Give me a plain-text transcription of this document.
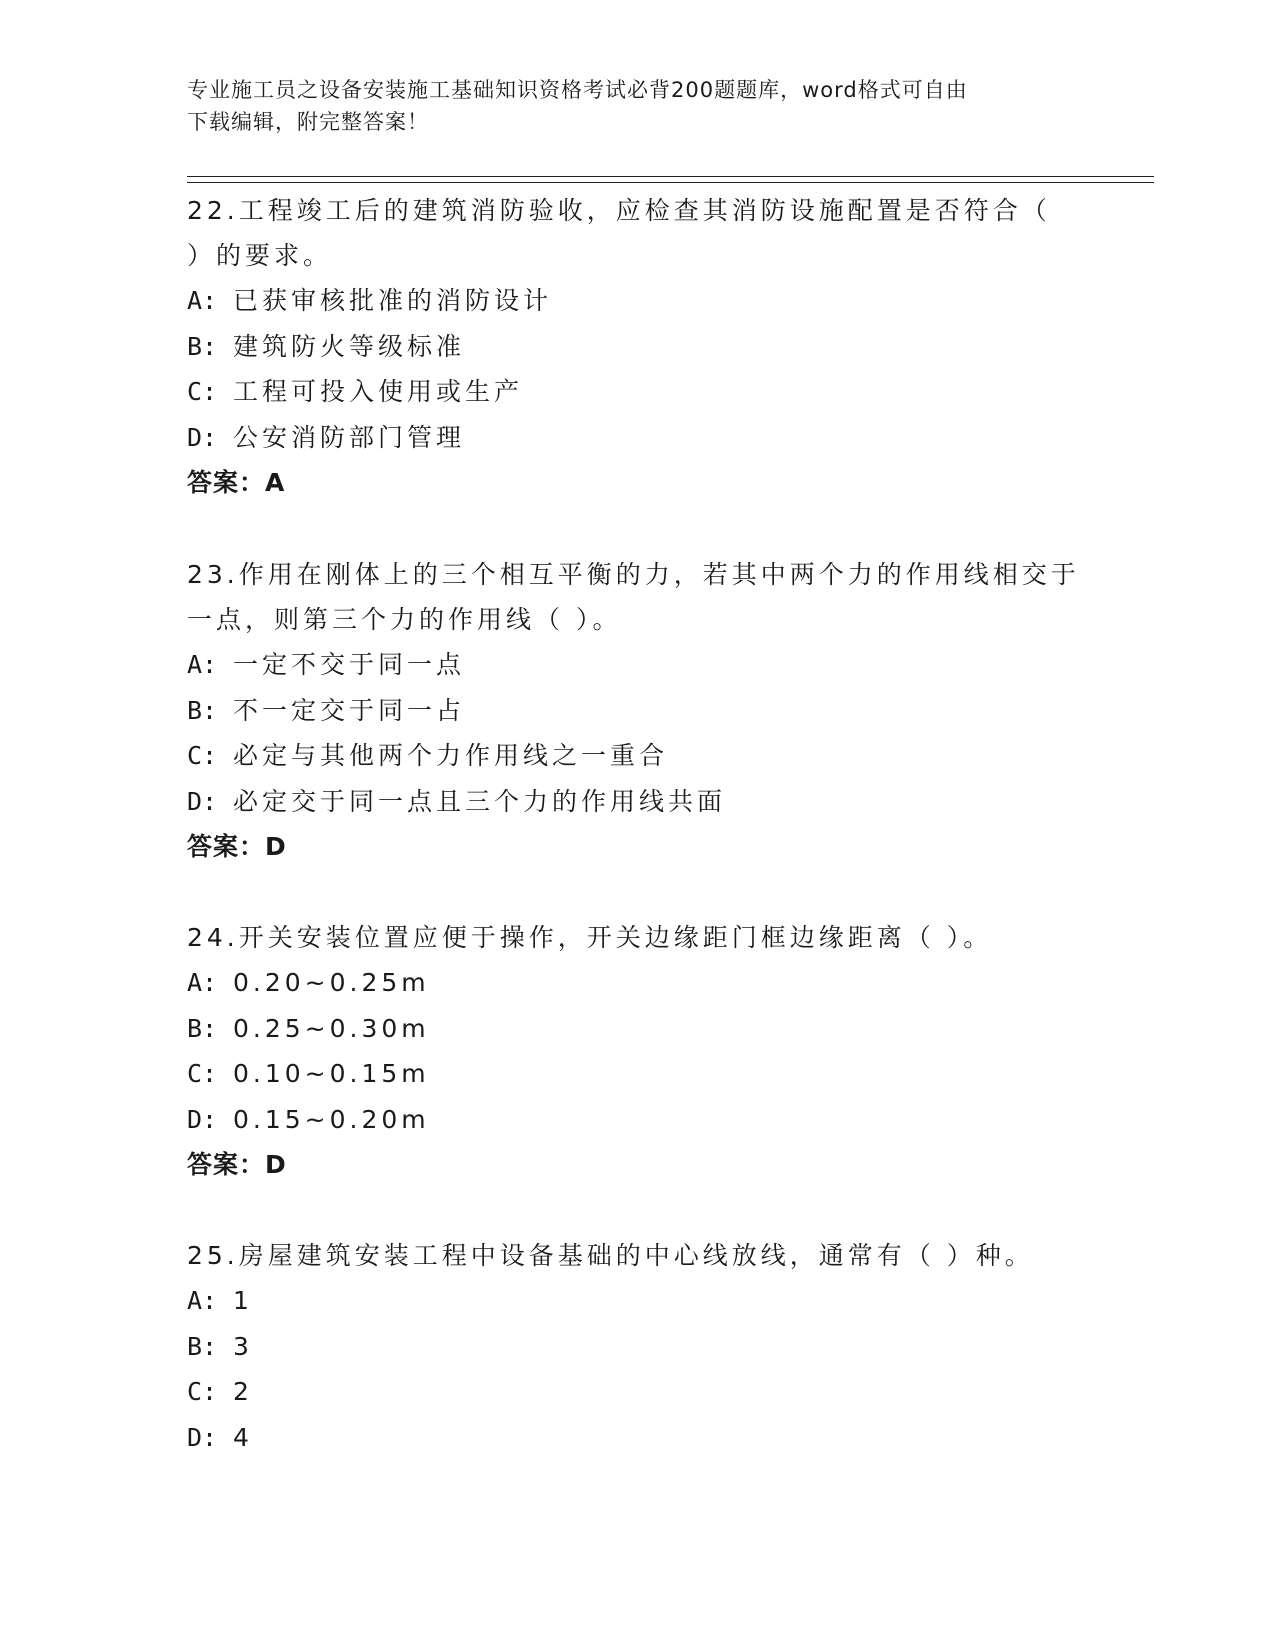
专业施工员之设备安装施工基础知识资格考试必背200题题库，word格式可自由
下载编辑，附完整答案！
22.工程竣工后的建筑消防验收，应检查其消防设施配置是否符合（
）的要求。
A: 已获审核批准的消防设计
B: 建筑防火等级标准
C: 工程可投入使用或生产
D: 公安消防部门管理
答案：A
23.作用在刚体上的三个相互平衡的力，若其中两个力的作用线相交于
一点，则第三个力的作用线（ ）。
A: 一定不交于同一点
B: 不一定交于同一占
C: 必定与其他两个力作用线之一重合
D: 必定交于同一点且三个力的作用线共面
答案：D
24.开关安装位置应便于操作，开关边缘距门框边缘距离（ ）。
A: 0.20~0.25m
B: 0.25~0.30m
C: 0.10~0.15m
D: 0.15~0.20m
答案：D
25.房屋建筑安装工程中设备基础的中心线放线，通常有（ ）种。
A: 1
B: 3
C: 2
D: 4
